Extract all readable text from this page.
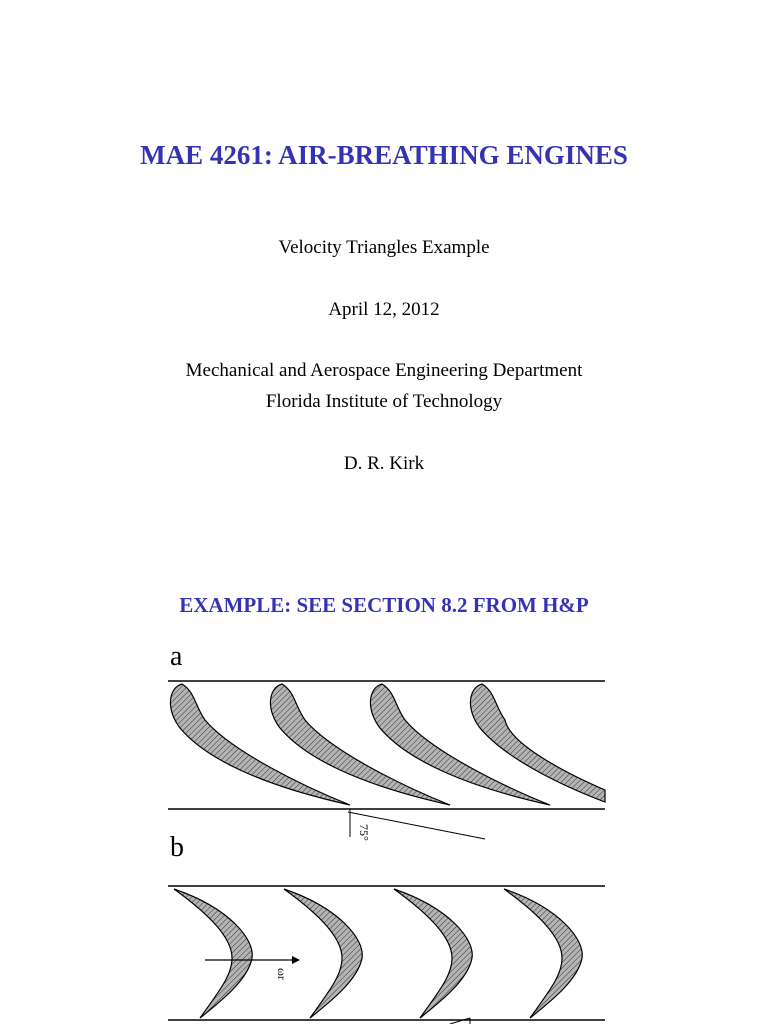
MAE 4261: AIR-BREATHING ENGINES
Velocity Triangles Example
April 12, 2012
Mechanical and Aerospace Engineering Department
Florida Institute of Technology
D. R. Kirk
EXAMPLE: SEE SECTION 8.2 FROM H&P
a
b	75°
ωr
